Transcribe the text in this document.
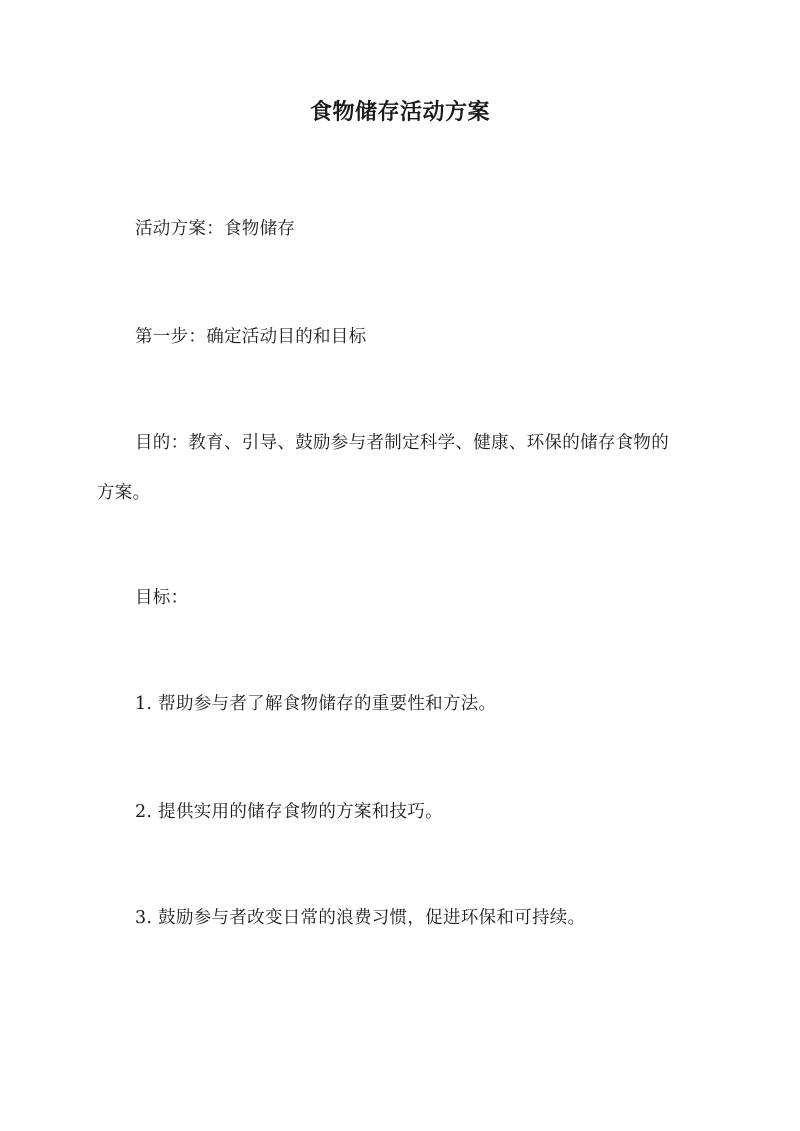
食物储存活动方案
活动方案：食物储存
第一步：确定活动目的和目标
目的：教育、引导、鼓励参与者制定科学、健康、环保的储存食物的
方案。
目标：
1. 帮助参与者了解食物储存的重要性和方法。
2. 提供实用的储存食物的方案和技巧。
3. 鼓励参与者改变日常的浪费习惯，促进环保和可持续。
